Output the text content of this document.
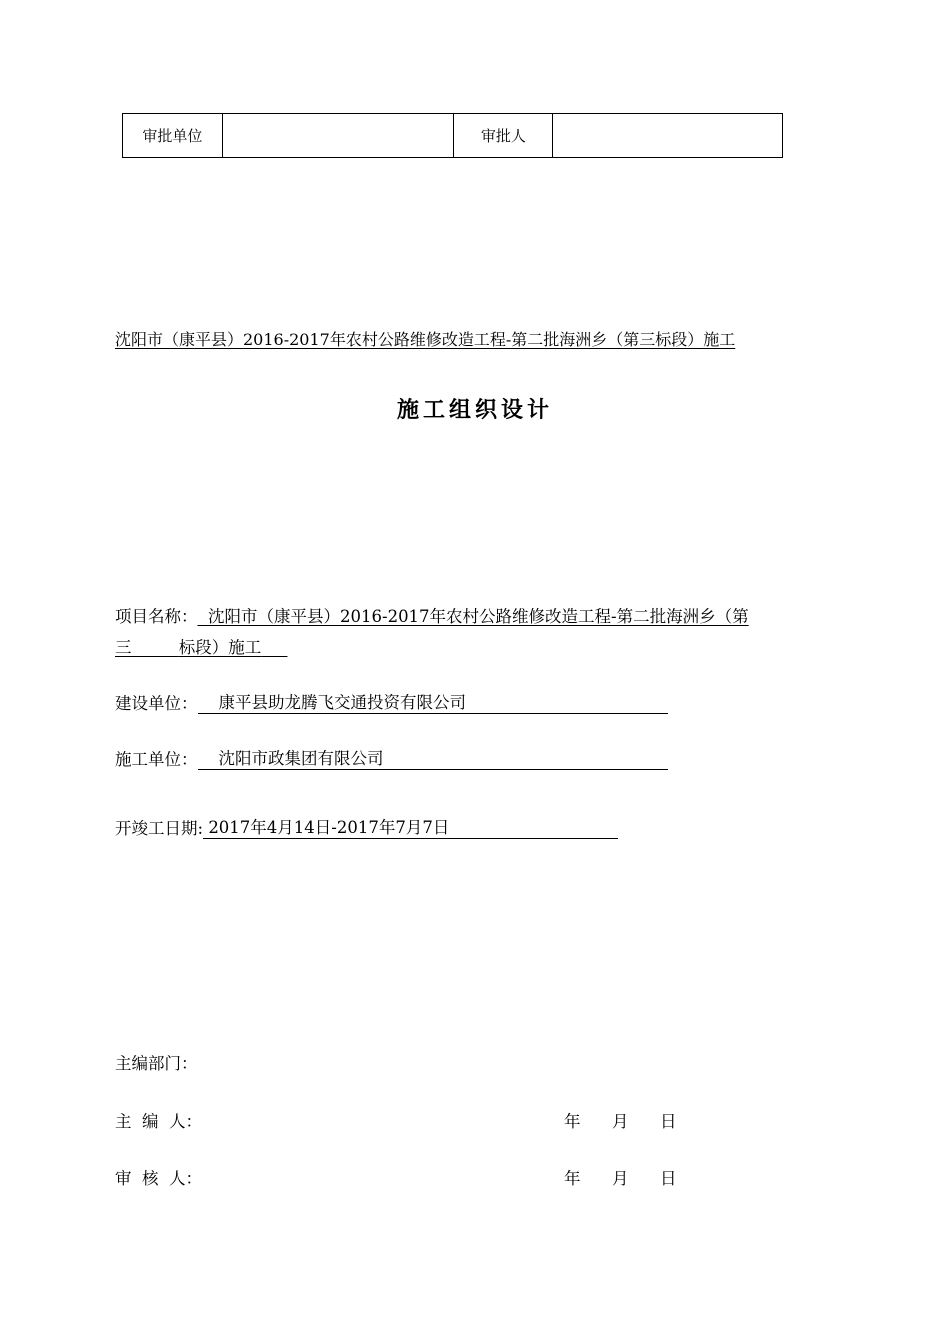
审批单位		审批人	
沈阳市（康平县）2016-2017年农村公路维修改造工程-第二批海洲乡（第三标段）施工
施工组织设计
项目名称： 沈阳市（康平县）2016-2017年农村公路维修改造工程-第二批海洲乡（第
三	标段）施工
建设单位： 康平县助龙腾飞交通投资有限公司
施工单位： 沈阳市政集团有限公司
开竣工日期: 2017年4月14日-2017年7月7日
主编部门：
主  编  人：	年 月 日
审  核  人：	年 月 日
